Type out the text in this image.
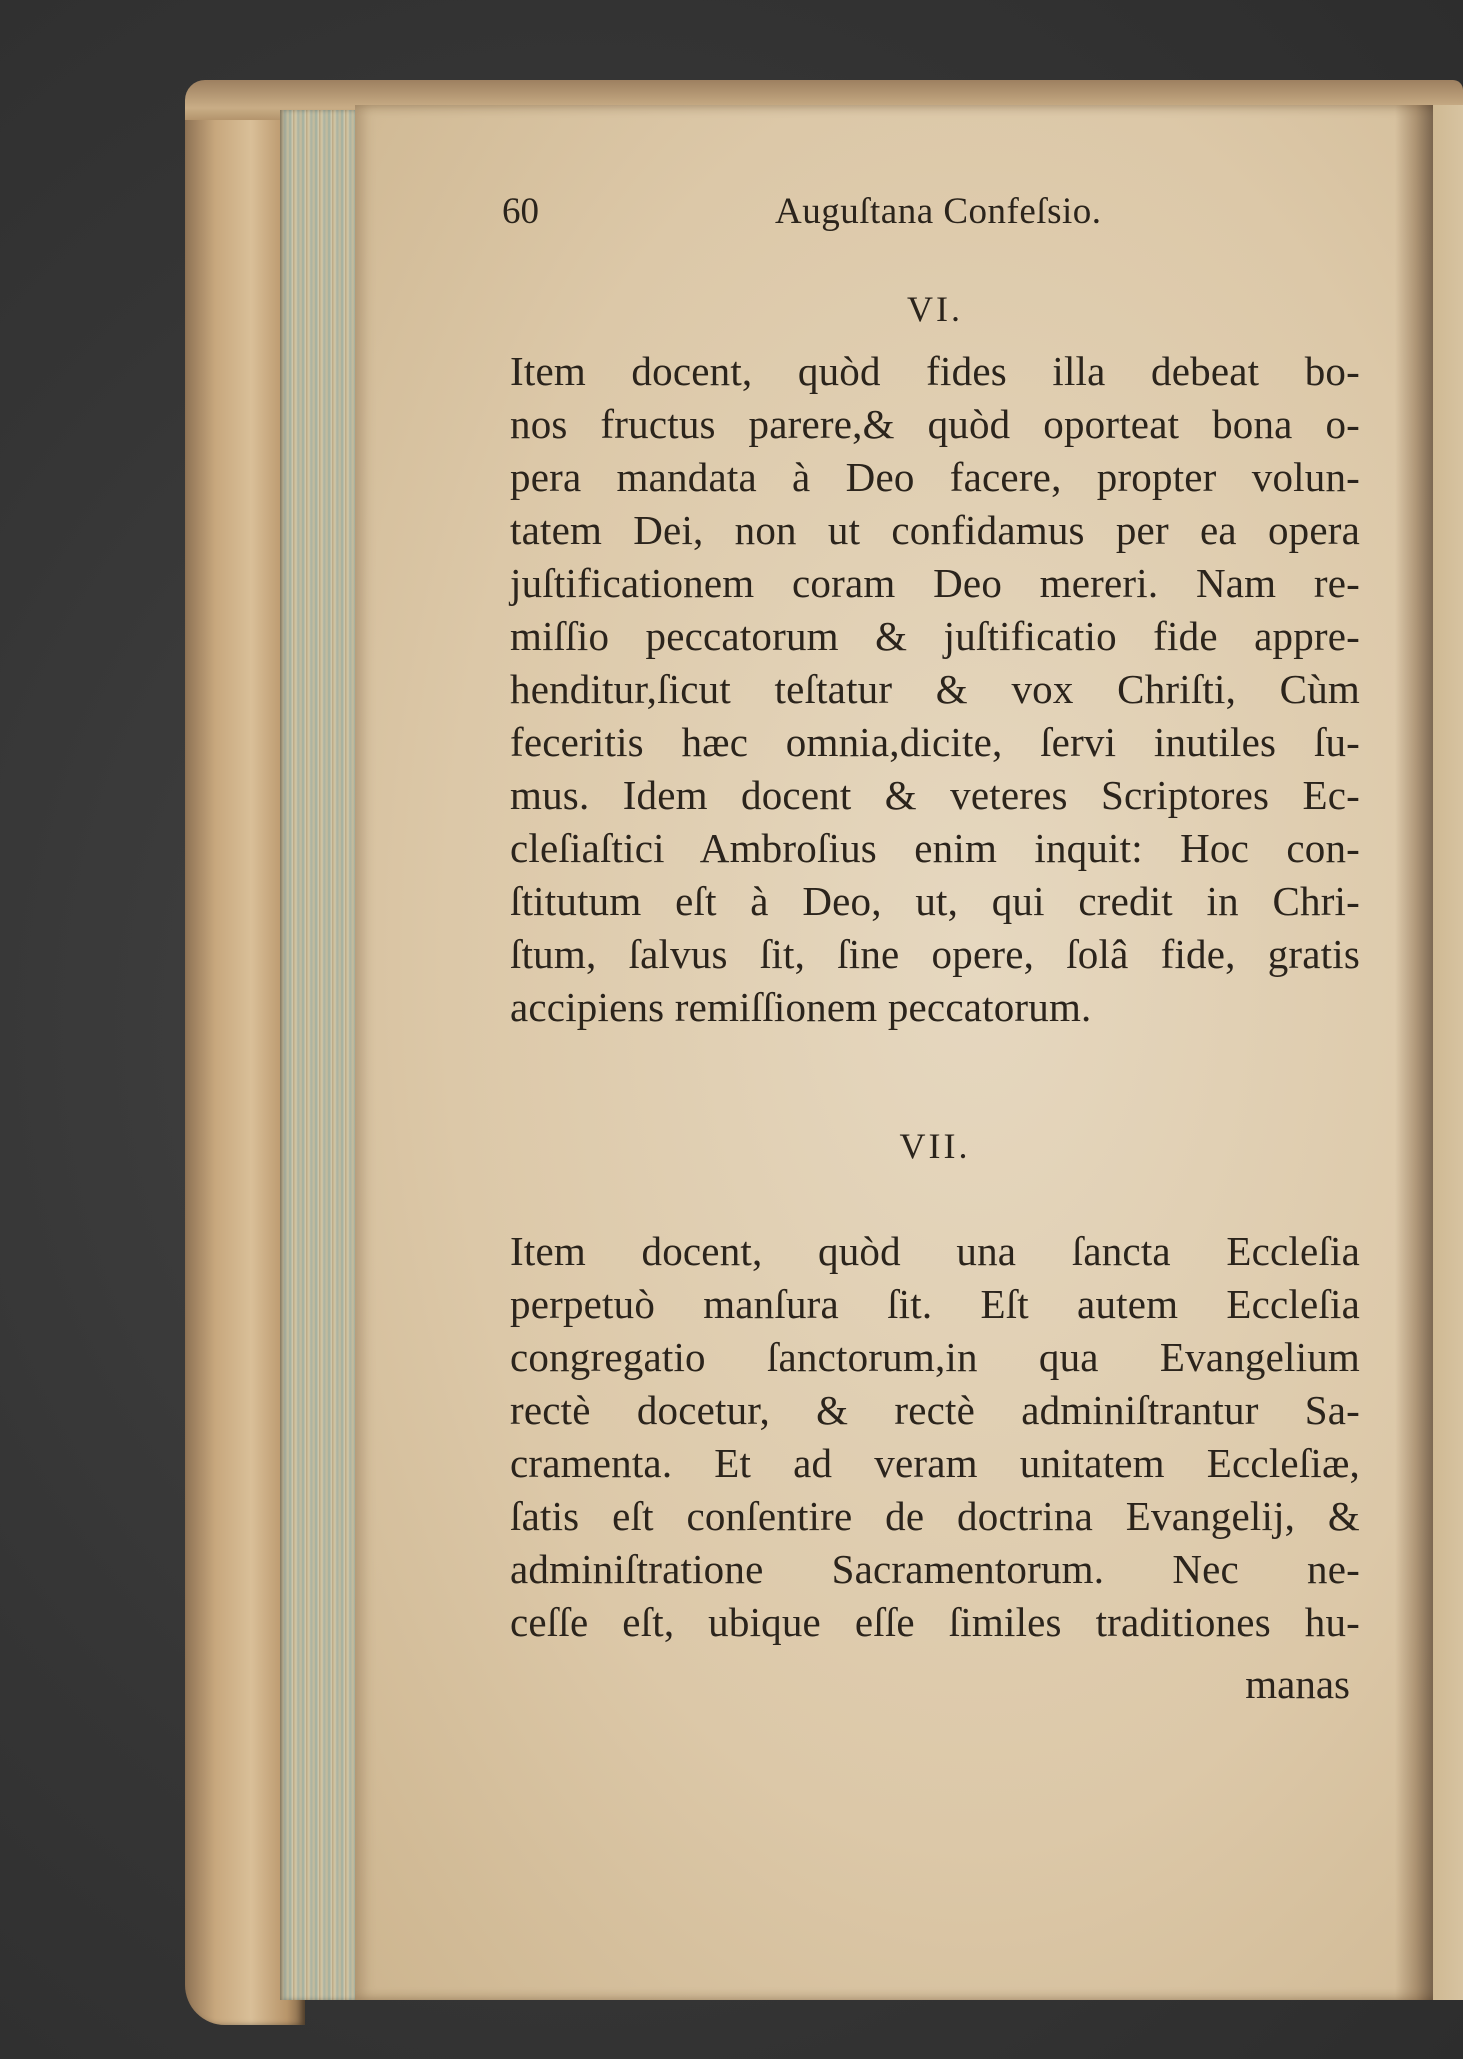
60	Auguſtana Confeſsio.
VI.
Item docent, quòd fides illa debeat bo-
nos fructus parere,& quòd oporteat bona o-
pera mandata à Deo facere, propter volun-
tatem Dei, non ut confidamus per ea opera
juſtificationem coram Deo mereri. Nam re-
miſſio peccatorum & juſtificatio fide appre-
henditur,ſicut teſtatur & vox Chriſti, Cùm
feceritis hæc omnia,dicite, ſervi inutiles ſu-
mus. Idem docent & veteres Scriptores Ec-
cleſiaſtici Ambroſius enim inquit: Hoc con-
ſtitutum eſt à Deo, ut, qui credit in Chri-
ſtum, ſalvus ſit, ſine opere, ſolâ fide, gratis
accipiens remiſſionem peccatorum.
VII.
Item docent, quòd una ſancta Eccleſia
perpetuò manſura ſit. Eſt autem Eccleſia
congregatio ſanctorum,in qua Evangelium
rectè docetur, & rectè adminiſtrantur Sa-
cramenta. Et ad veram unitatem Eccleſiæ,
ſatis eſt conſentire de doctrina Evangelij, &
adminiſtratione Sacramentorum. Nec ne-
ceſſe eſt, ubique eſſe ſimiles traditiones hu-
manas
